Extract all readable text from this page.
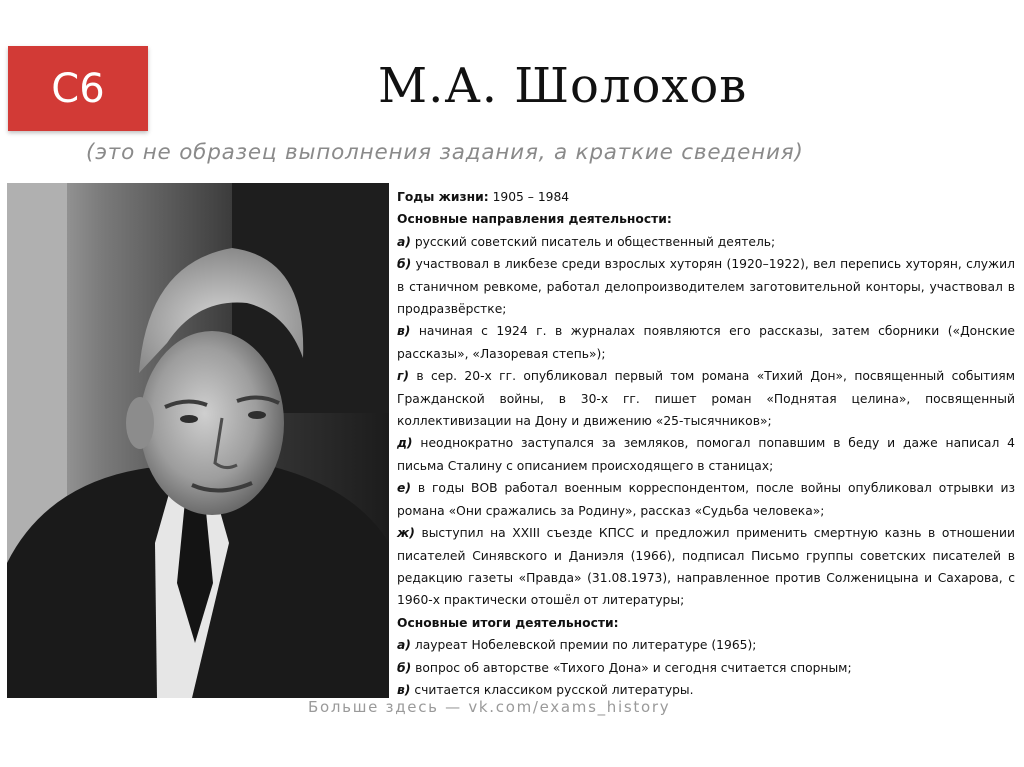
С6	М.А. Шолохов
(это не образец выполнения задания, а краткие сведения)

Годы жизни: 1905 – 1984

Основные направления деятельности:

а) русский советский писатель и общественный деятель;

б) участвовал в ликбезе среди взрослых хуторян (1920–1922), вел перепись хуторян, служил в станичном ревкоме, работал делопроизводителем заготовительной конторы, участвовал в продразвёрстке;

в) начиная с 1924 г. в журналах появляются его рассказы, затем сборники («Донские рассказы», «Лазоревая степь»);

г) в сер. 20-х гг. опубликовал первый том романа «Тихий Дон», посвященный событиям Гражданской войны, в 30-х гг. пишет роман «Поднятая целина», посвященный коллективизации на Дону и движению «25-тысячников»;

д) неоднократно заступался за земляков, помогал попавшим в беду и даже написал 4 письма Сталину с описанием происходящего в станицах;

е) в годы ВОВ работал военным корреспондентом, после войны опубликовал отрывки из романа «Они сражались за Родину», рассказ «Судьба человека»;

ж) выступил на XXIII съезде КПСС и предложил применить смертную казнь в отношении писателей Синявского и Даниэля (1966), подписал Письмо группы советских писателей в редакцию газеты «Правда» (31.08.1973), направленное против Солженицына и Сахарова, с 1960-х практически отошёл от литературы;

Основные итоги деятельности:

а) лауреат Нобелевской премии по литературе (1965);

б) вопрос об авторстве «Тихого Дона» и сегодня считается спорным;

в) считается классиком русской литературы.

Больше здесь — vk.com/exams_history
